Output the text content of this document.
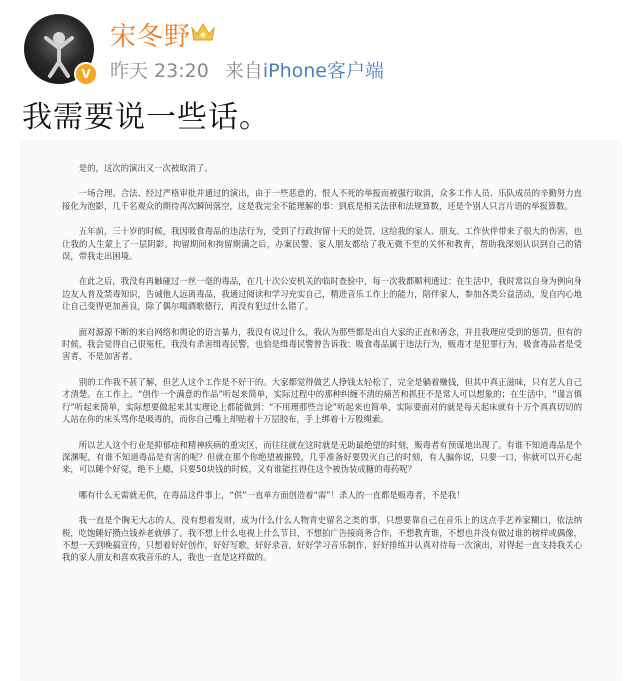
V
宋冬野
昨天 23:20 来自iPhone客户端
我需要说一些话。

是的，这次的演出又一次被取消了。

一场合理、合法、经过严格审批并通过的演出，由于一些恶意的、恨人不死的举报而被强行取消，众多工作人员、乐队成员的辛勤努力直接化为泡影，几千名观众的期待再次瞬间落空，这是我完全不能理解的事：到底是相关法律和法规算数，还是个别人只言片语的举报算数。

五年前，三十岁的时候，我因吸食毒品的违法行为，受到了行政拘留十天的处罚，这给我的家人、朋友、工作伙伴带来了很大的伤害，也让我的人生蒙上了一层阴影。拘留期间和拘留期满之后，办案民警、家人朋友都给了我无微不至的关怀和教育，帮助我深刻认识到自己的错误，带我走出困境。

在此之后，我没有再触碰过一丝一毫的毒品，在几十次公安机关的临时查验中，每一次我都顺利通过：在生活中，我时常以自身为例向身边友人普及禁毒知识，告诫他人远离毒品，我通过阅读和学习充实自己，精进音乐工作上的能力，陪伴家人，参加各类公益活动，发自内心地让自己变得更加善良，除了偶尔喝酒歌德行，再没有犯过什么错了。

面对源源不断的来自网络和舆论的语言暴力，我没有说过什么，我认为那些都是出自大家的正直和善念，并且我理应受到的惩罚。但有的时候，我会觉得自己很冤枉，我没有杀害缉毒民警，也恰是缉毒民警曾告诉我：吸食毒品属于违法行为，贩毒才是犯罪行为，吸食毒品者是受害者，不是加害者。

别的工作我不甚了解，但艺人这个工作是不好干的。大家都觉得做艺人挣钱太轻松了，完全是躺着赚钱，但其中真正滋味，只有艺人自己才清楚。在工作上，“创作一个满意的作品”听起来简单，实际过程中的那种纠缠不清的痛苦和抓狂不是常人可以想象的；在生活中，“谨言慎行”听起来简单，实际想要做起来其实理论上都能做到：“不用理那些言论”听起来也简单，实际要面对的就是每天起床就有十万个真真切切的人站在你的床头骂你是吸毒的，而你自己嘴上却贴着十万层胶布，手上绑着十万股绳索。

所以艺人这个行业是抑郁症和精神疾病的重灾区，而往往就在这时就是无助最绝望的时刻，贩毒者有预谋地出现了。有谁不知道毒品是个深渊呢，有谁不知道毒品是有害的呢？但就在那个你绝望被摧毁，几乎准备好要毁灭自己的时刻，有人骗你说，只要一口，你就可以开心起来，可以睡个好觉，绝不上瘾，只要50块钱的时候，又有谁能扛得住这个被伪装成糖的毒药呢？

哪有什么无需就无供，在毒品这件事上，“供”一直单方面创造着“需”！杀人的一直都是贩毒者，不是我！

我一直是个胸无大志的人，没有想着发财，成为什么什么人物青史留名之类的事，只想要靠自己在音乐上的这点手艺养家糊口，依法纳税，吃饱睡好攒点钱养老就够了。我不想上什么电视上什么节目，不想拍广告接商务合作，不想教育谁，不想也并没有做过谁的榜样或偶像，不想一天到晚搞宣传，只想着好好创作，好好写歌，好好录音，好好学习音乐制作，好好排练并认真对待每一次演出，对得起一直支持我关心我的家人朋友和喜欢我音乐的人，我也一直是这样做的。
